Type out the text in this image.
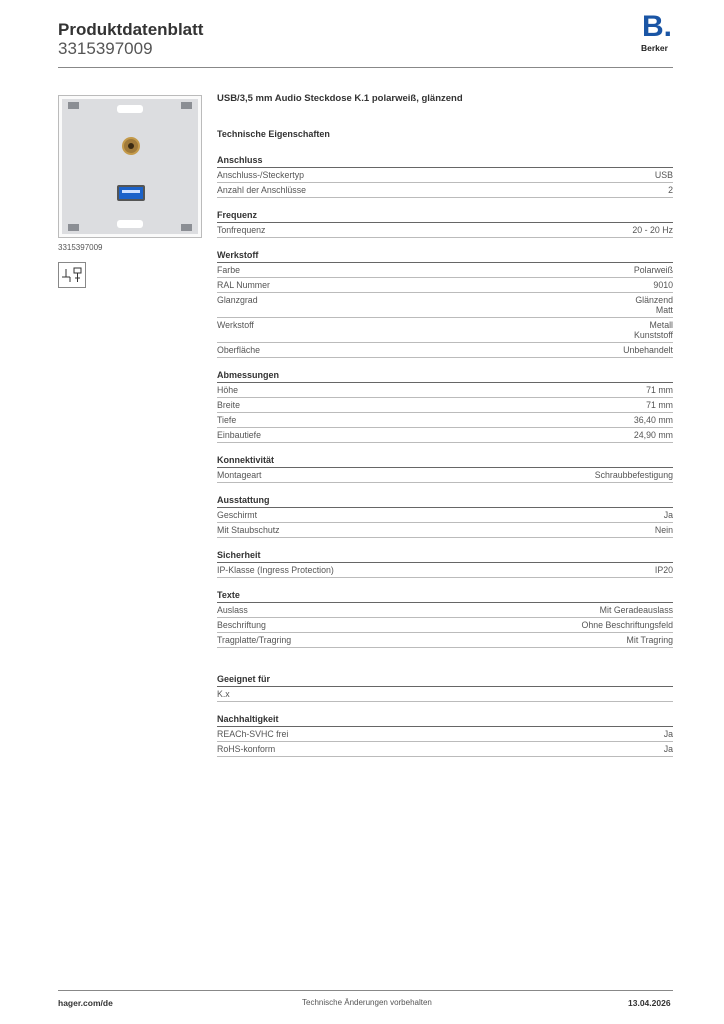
Produktdatenblatt
3315397009
B.
Berker
3315397009
USB/3,5 mm Audio Steckdose K.1 polarweiß, glänzend
Technische Eigenschaften
Anschluss
Anschluss-/Steckertyp	USB
Anzahl der Anschlüsse	2
Frequenz
Tonfrequenz	20 - 20 Hz
Werkstoff
Farbe	Polarweiß
RAL Nummer	9010
Glanzgrad	Glänzend
Matt
Werkstoff	Metall
Kunststoff
Oberfläche	Unbehandelt
Abmessungen
Höhe	71 mm
Breite	71 mm
Tiefe	36,40 mm
Einbautiefe	24,90 mm
Konnektivität
Montageart	Schraubbefestigung
Ausstattung
Geschirmt	Ja
Mit Staubschutz	Nein
Sicherheit
IP-Klasse (Ingress Protection)	IP20
Texte
Auslass	Mit Geradeauslass
Beschriftung	Ohne Beschriftungsfeld
Tragplatte/Tragring	Mit Tragring
Geeignet für
K.x
Nachhaltigkeit
REACh-SVHC frei	Ja
RoHS-konform	Ja
hager.com/de	Technische Änderungen vorbehalten	13.04.2026
